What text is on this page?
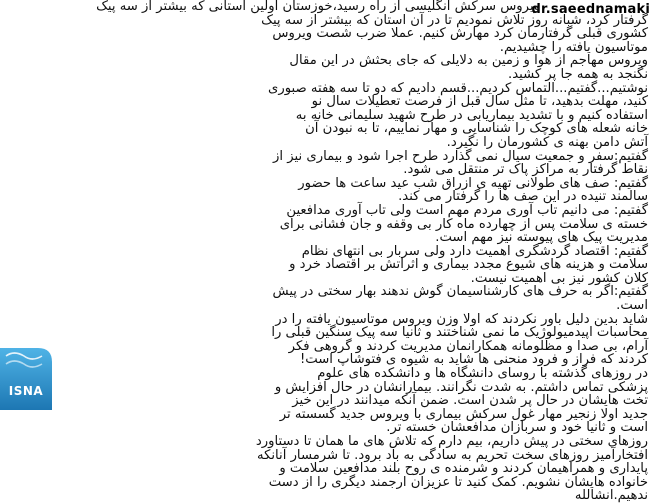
dr.saeednamaki
ویروس سرکش انگلیسی از راه رسید،خوزستان اولین استانی که بیشتر از سه پیک
گرفتار کرد، شبانه روز تلاش نمودیم تا در آن استان که بیشتر از سه پیک
کشوری قبلی گرفتارمان کرد مهارش کنیم. عملا ضرب شصت ویروس
موتاسیون یافته را چشیدیم.
ویروس مهاجم از هوا و زمین به دلایلی که جای بحثش در این مقال
نگنجد به همه جا پر کشید.
نوشتیم...گفتیم...التماس کردیم...قسم دادیم که دو تا سه هفته صبوری
کنید، مهلت بدهید، تا مثل سال قبل از فرصت تعطیلات سال نو
استفاده کنیم و با تشدید بیماریابی در طرح شهید سلیمانی خانه به
خانه شعله های کوچک را شناسایی و مهار نماییم، تا به نبودن آن
آتش دامن بهنه ی کشورمان را نگیرد.
گفتیم:سفر و جمعیت سیال نمی گذارد طرح اجرا شود و بیماری نیز از
نقاط گرفتار به مراکز پاک تر منتقل می شود.
گفتیم: صف های طولانی تهیه ی ازراق شب عید ساعت ها حضور
سالمند تنیده در این صف ها را گرفتار می کند.
گفتیم: می دانیم تاب آوری مردم مهم است ولی تاب آوری مدافعین
خسته ی سلامت پس از چهارده ماه کار بی وقفه و جان فشانی برای
مدیریت پیک های پیوسته نیز مهم است.
گفتیم: اقتصاد گردشگری اهمیت دارد ولی سربار بی انتهای نظام
سلامت و هزینه های شیوع مجدد بیماری و اثراتش بر اقتصاد خرد و
کلان کشور نیز بی اهمیت نیست.
گفتیم:اگر به حرف های کارشناسیمان گوش ندهند بهار سختی در پیش
است.
شاید بدین دلیل باور نکردند که اولا وزن ویروس موتاسیون یافته را در
محاسبات اپیدمیولوژیک ما نمی شناختند و ثانیا سه پیک سنگین قبلی را
آرام، بی صدا و مظلومانه همکارانمان مدیریت کردند و گروهی فکر
کردند که فراز و فرود منحنی ها شاید به شیوه ی فتوشاپ است!
در روزهای گذشته با روسای دانشگاه ها و دانشکده های علوم
پزشکی تماس داشتم. به شدت نگرانند. بیمارانشان در حال افزایش و
تخت هایشان در حال پر شدن است. ضمن آنکه میدانند در این خیز
جدید اولا زنجیر مهار غول سرکش بیماری با ویروس جدید گسسته تر
است و ثانیا خود و سربازان مدافعشان خسته تر.
روزهای سختی در پیش داریم، بیم دارم که تلاش های ما همان تا دستاورد
افتخارآمیز روزهای سخت تحریم به سادگی به باد برود. تا شرمسار آنانکه
پایداری و همراهیمان کردند و شرمنده ی روح بلند مدافعین سلامت و
خانواده هایشان نشویم. کمک کنید تا عزیزان ارجمند دیگری را از دست
ندهیم.انشالله
ISNA
